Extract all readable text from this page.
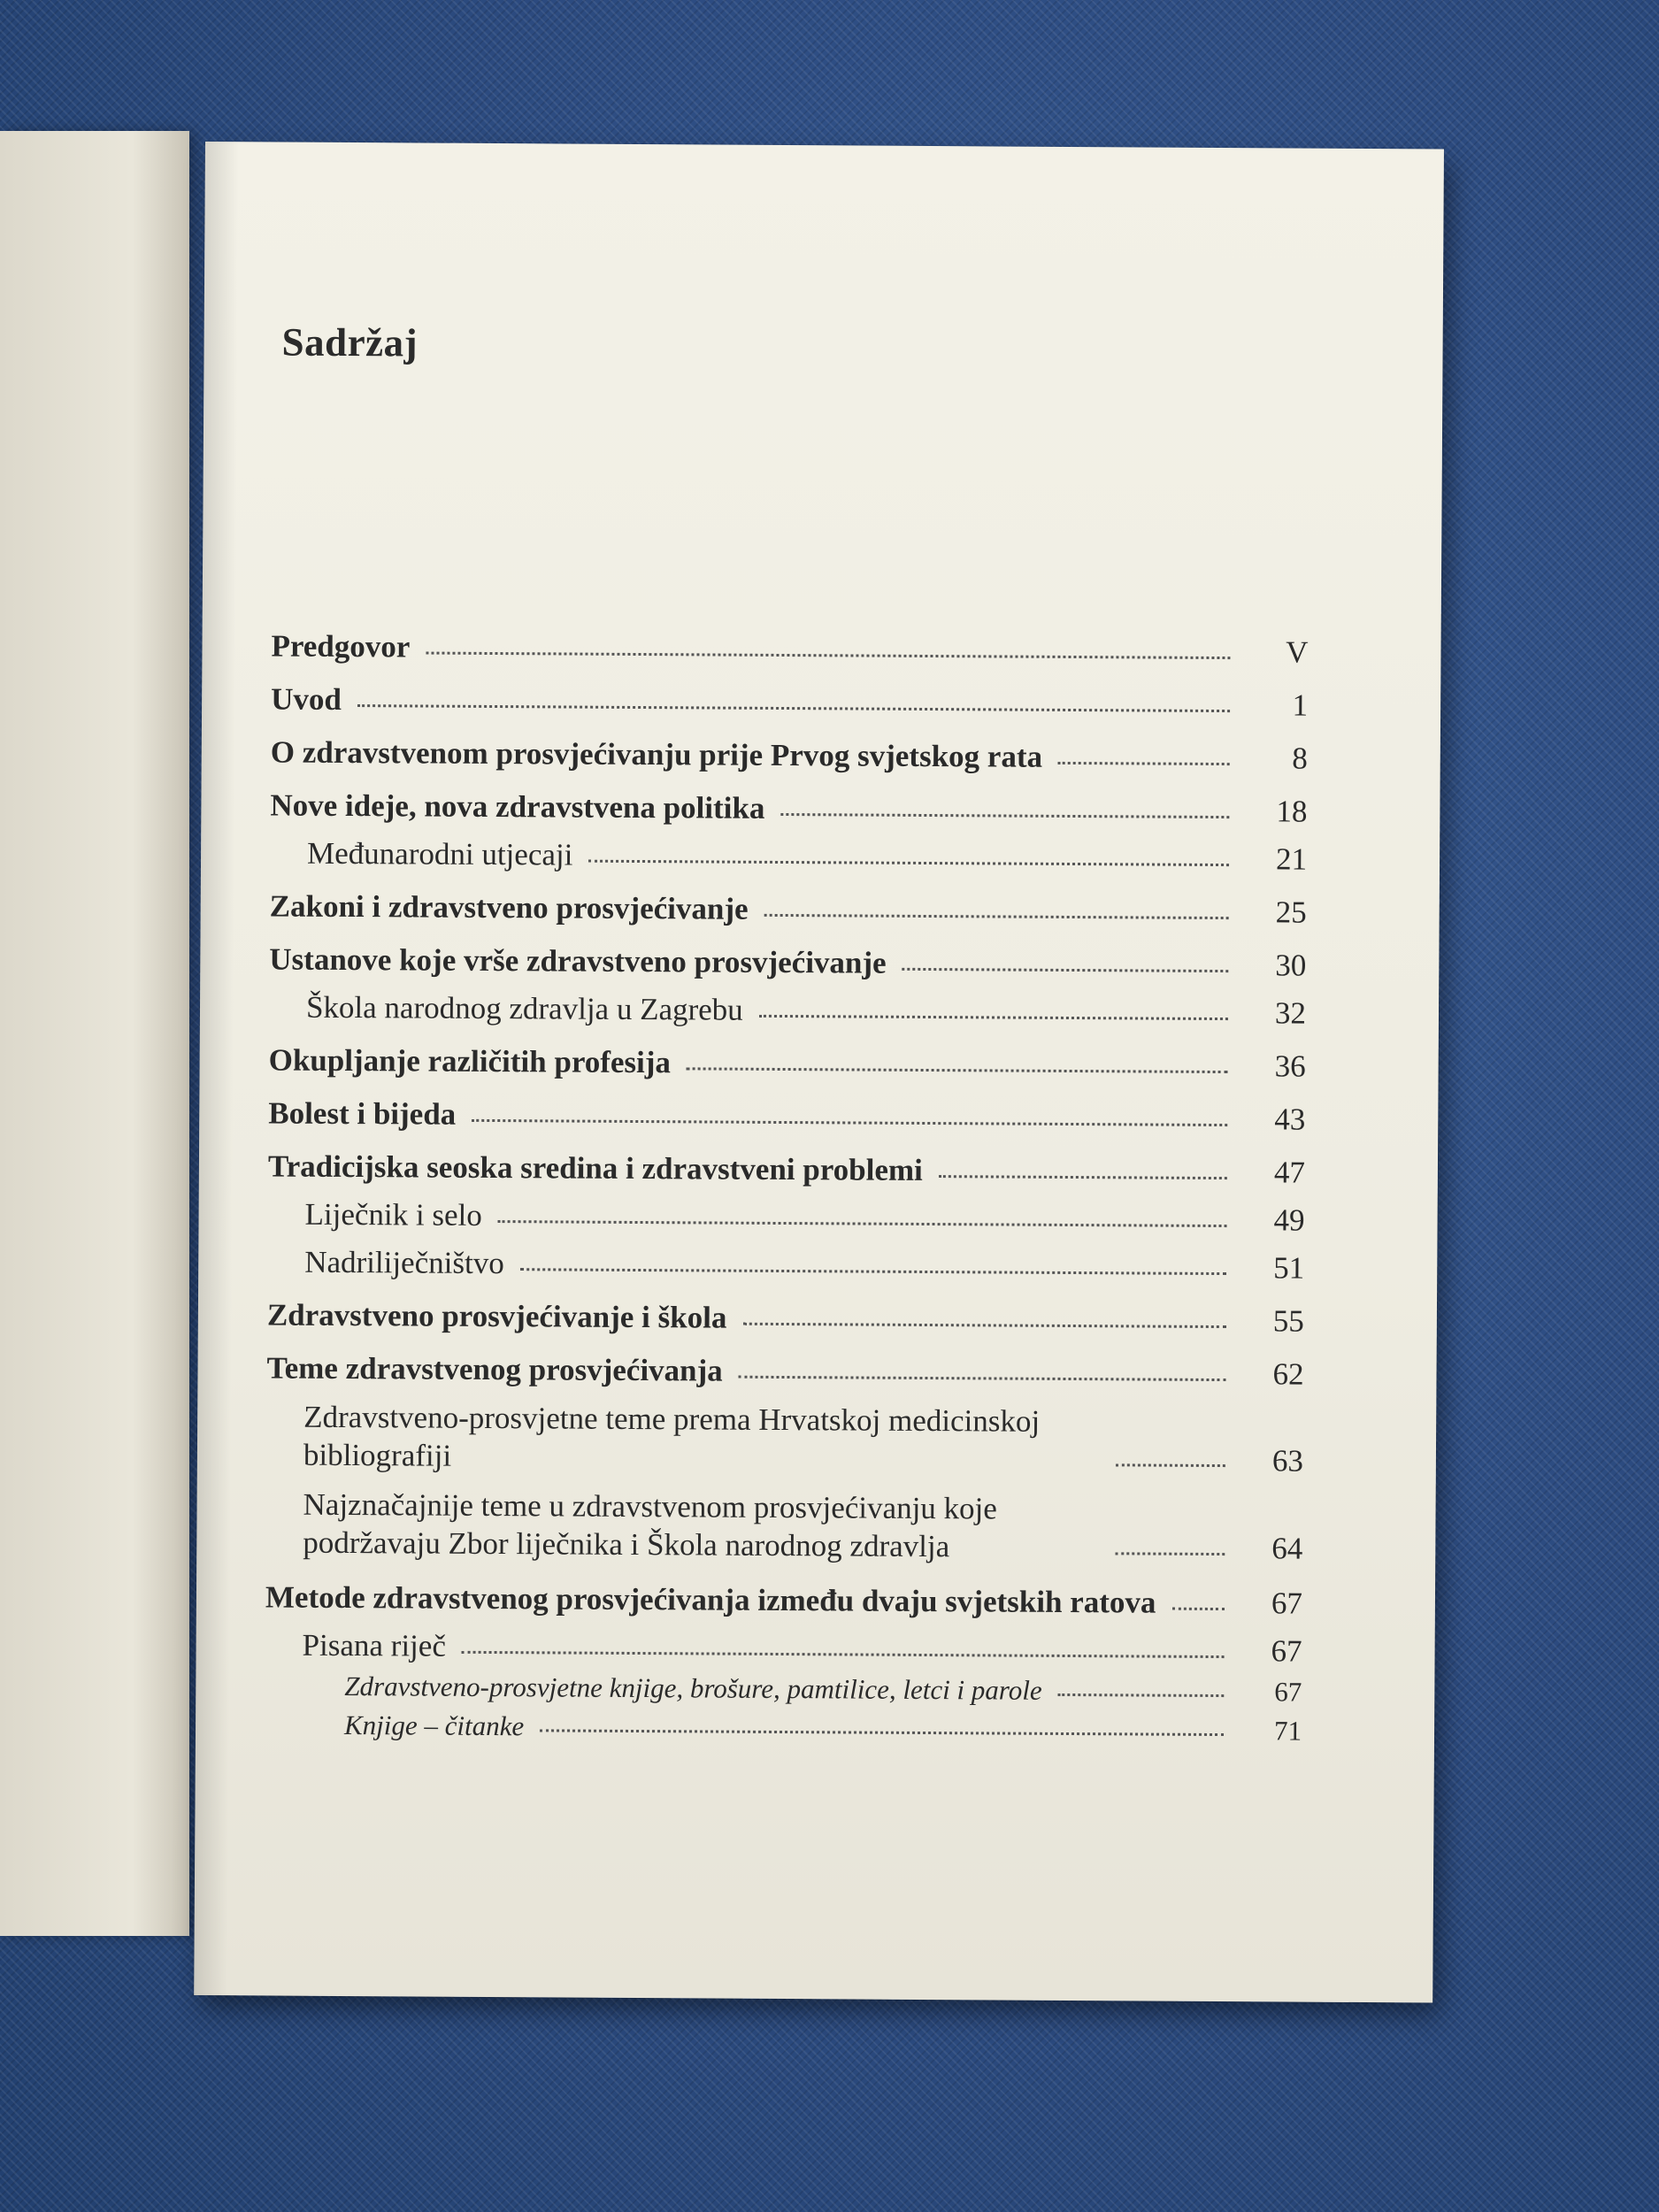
Sadržaj
Predgovor	V
Uvod	1
O zdravstvenom prosvjećivanju prije Prvog svjetskog rata	8
Nove ideje, nova zdravstvena politika	18
Međunarodni utjecaji	21
Zakoni i zdravstveno prosvjećivanje	25
Ustanove koje vrše zdravstveno prosvjećivanje	30
Škola narodnog zdravlja u Zagrebu	32
Okupljanje različitih profesija	36
Bolest i bijeda	43
Tradicijska seoska sredina i zdravstveni problemi	47
Liječnik i selo	49
Nadriliječništvo	51
Zdravstveno prosvjećivanje i škola	55
Teme zdravstvenog prosvjećivanja	62
Zdravstveno-prosvjetne teme prema Hrvatskoj medicinskoj bibliografiji	63
Najznačajnije teme u zdravstvenom prosvjećivanju koje podržavaju Zbor liječnika i Škola narodnog zdravlja	64
Metode zdravstvenog prosvjećivanja između dvaju svjetskih ratova	67
Pisana riječ	67
Zdravstveno-prosvjetne knjige, brošure, pamtilice, letci i parole	67
Knjige – čitanke	71
